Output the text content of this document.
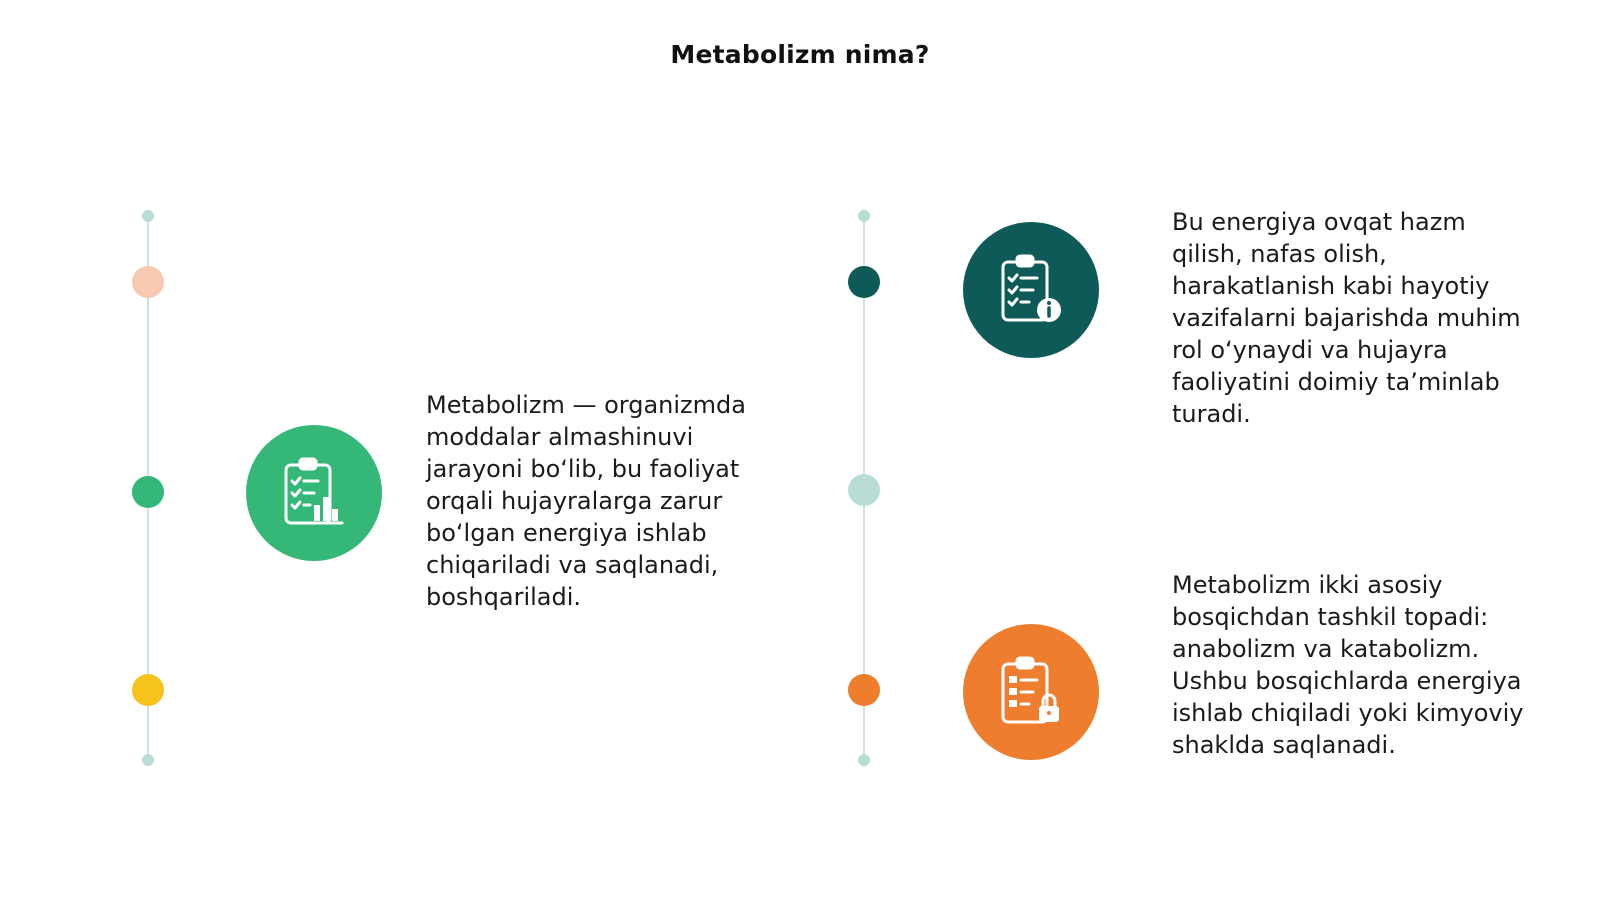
Metabolizm nima?
Metabolizm — organizmda moddalar almashinuvi jarayoni bo‘lib, bu faoliyat orqali hujayralarga zarur bo‘lgan energiya ishlab chiqariladi va saqlanadi, boshqariladi.
Bu energiya ovqat hazm qilish, nafas olish, harakatlanish kabi hayotiy vazifalarni bajarishda muhim rol o‘ynaydi va hujayra faoliyatini doimiy ta’minlab turadi.
Metabolizm ikki asosiy bosqichdan tashkil topadi: anabolizm va katabolizm. Ushbu bosqichlarda energiya ishlab chiqiladi yoki kimyoviy shaklda saqlanadi.
